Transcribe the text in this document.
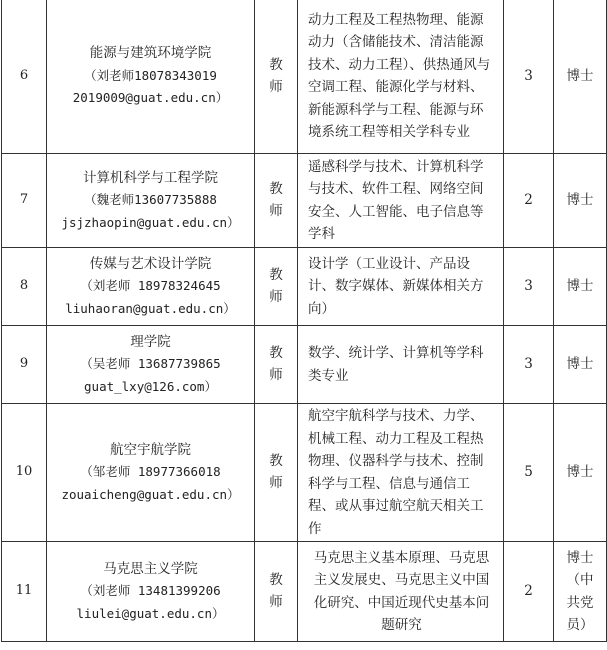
6	能源与建筑环境学院
（刘老师18078343019
2019009@guat.edu.cn）	教师	动力工程及工程热物理、能源动力（含储能技术、清洁能源技术、动力工程）、供热通风与空调工程、能源化学与材料、新能源科学与工程、能源与环境系统工程等相关学科专业	3	博士
7	计算机科学与工程学院
（魏老师13607735888
jsjzhaopin@guat.edu.cn）	教师	遥感科学与技术、计算机科学与技术、软件工程、网络空间安全、人工智能、电子信息等学科	2	博士
8	传媒与艺术设计学院
（刘老师 18978324645
liuhaoran@guat.edu.cn）	教师	设计学（工业设计、产品设计、数字媒体、新媒体相关方向）	3	博士
9	理学院
（吴老师 13687739865
guat_lxy@126.com）	教师	数学、统计学、计算机等学科类专业	3	博士
10	航空宇航学院
（邹老师 18977366018
zouaicheng@guat.edu.cn）	教师	航空宇航科学与技术、力学、机械工程、动力工程及工程热物理、仪器科学与技术、控制科学与工程、信息与通信工程、或从事过航空航天相关工作	5	博士
11	马克思主义学院
（刘老师 13481399206
liulei@guat.edu.cn）	教师	马克思主义基本原理、马克思主义发展史、马克思主义中国化研究、中国近现代史基本问题研究	2	博士（中共党员）
